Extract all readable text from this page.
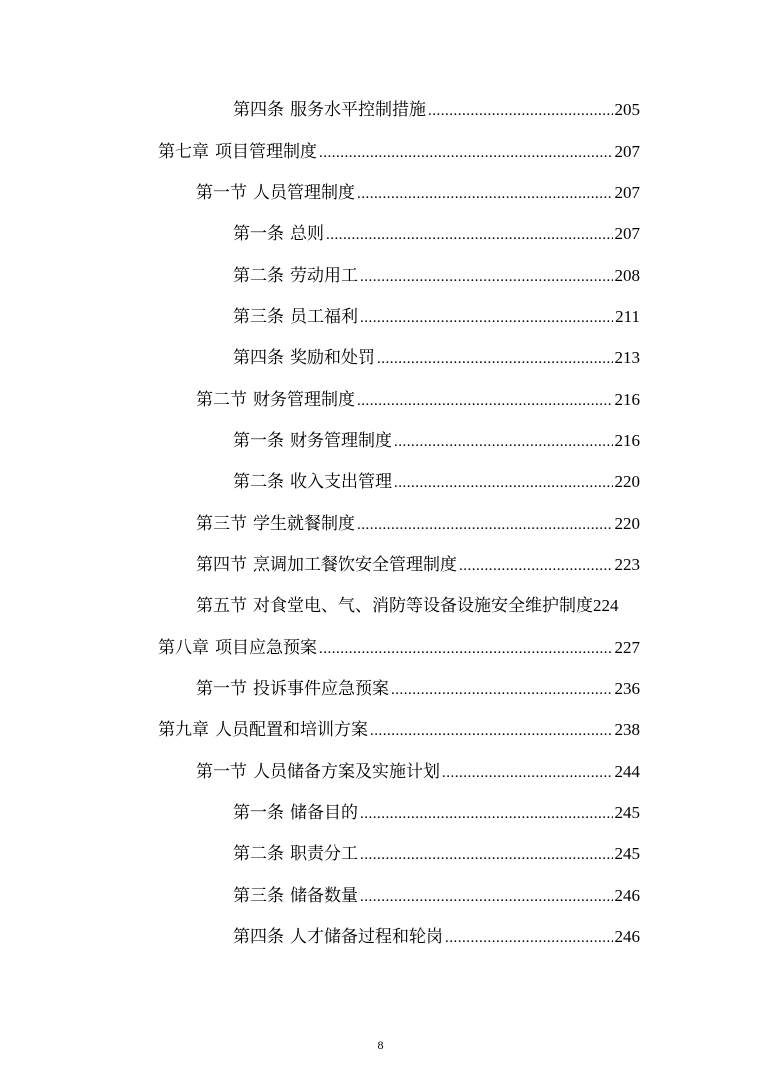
第四条 服务水平控制措施 .....	205
第七章 项目管理制度 .....	207
第一节 人员管理制度 .....	207
第一条 总则 .....	207
第二条 劳动用工 .....	208
第三条 员工福利 .....	211
第四条 奖励和处罚 .....	213
第二节 财务管理制度 .....	216
第一条 财务管理制度 .....	216
第二条 收入支出管理 .....	220
第三节 学生就餐制度 .....	220
第四节 烹调加工餐饮安全管理制度 .....	223
第五节 对食堂电、气、消防等设备设施安全维护制度 224
第八章 项目应急预案 .....	227
第一节 投诉事件应急预案 .....	236
第九章 人员配置和培训方案 .....	238
第一节 人员储备方案及实施计划 .....	244
第一条 储备目的 .....	245
第二条 职责分工 .....	245
第三条 储备数量 .....	246
第四条 人才储备过程和轮岗 .....	246
8
